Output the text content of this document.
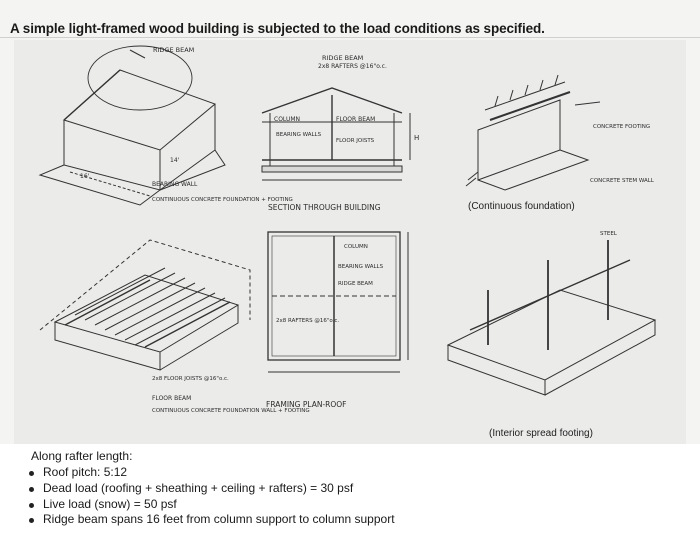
A simple light-framed wood building is subjected to the load conditions as specified.
RIDGE BEAM
BEARING WALL
CONTINUOUS CONCRETE FOUNDATION + FOOTING
16'
14'
RIDGE BEAM
2x8 RAFTERS @16"o.c.
COLUMN	FLOOR BEAM
BEARING WALLS
FLOOR JOISTS	H
SECTION THROUGH BUILDING
CONCRETE FOOTING
CONCRETE STEM WALL
2x8 FLOOR JOISTS @16"o.c.
FLOOR BEAM
CONTINUOUS CONCRETE FOUNDATION WALL + FOOTING
COLUMN
BEARING WALLS
RIDGE BEAM
2x8 RAFTERS @16"o.c.
FRAMING PLAN-ROOF
STEEL
(Continuous foundation)
(Interior spread footing)
Along rafter length:
Roof pitch: 5:12
Dead load (roofing + sheathing + ceiling + rafters) = 30 psf
Live load (snow) = 50 psf
Ridge beam spans 16 feet from column support to column support
